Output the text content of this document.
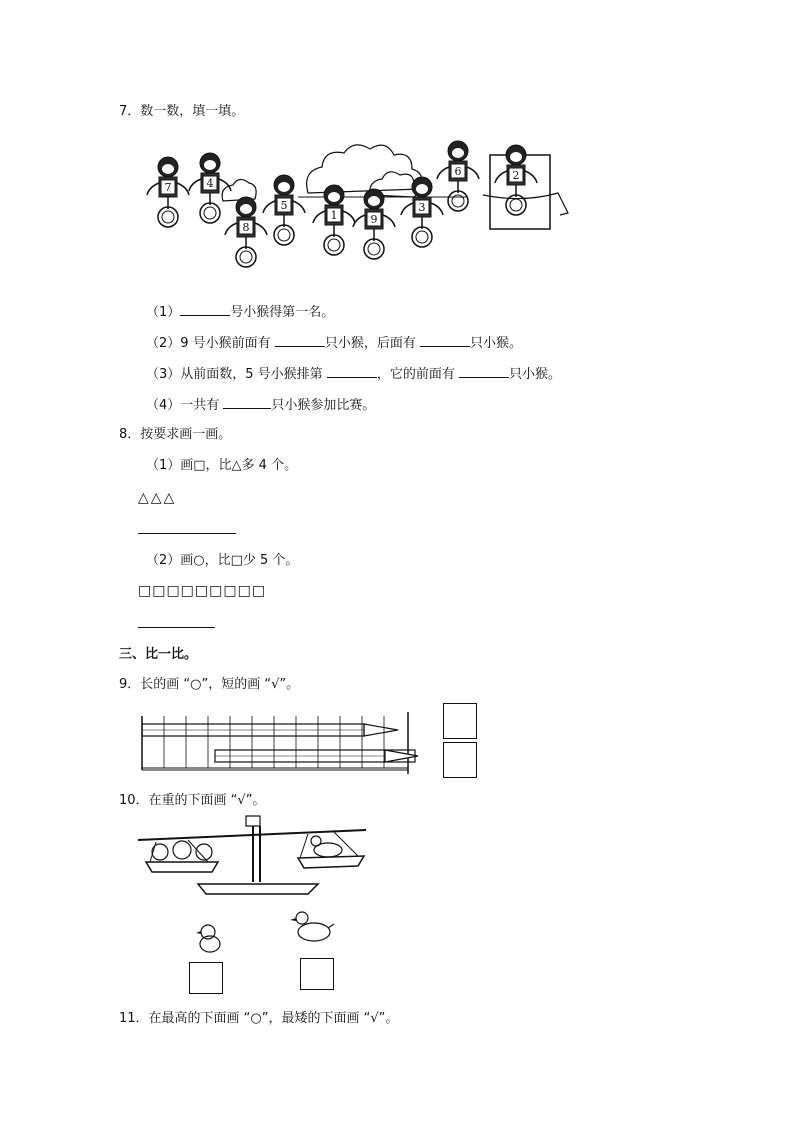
7．数一数，填一填。
7	4
8
5
1	9
3
6	2
（1）	号小猴得第一名。
（2）9 号小猴前面有	只小猴，后面有	只小猴。
（3）从前面数，5 号小猴排第	，它的前面有	只小猴。
（4）一共有	只小猴参加比赛。
8．按要求画一画。
（1）画□，比△多 4 个。
△△△
（2）画○，比□少 5 个。
□□□□□□□□□
三、比一比。
9．长的画 “○”，短的画 “√”。
10．在重的下面画 “√”。
11．在最高的下面画 “○”，最矮的下面画 “√”。
